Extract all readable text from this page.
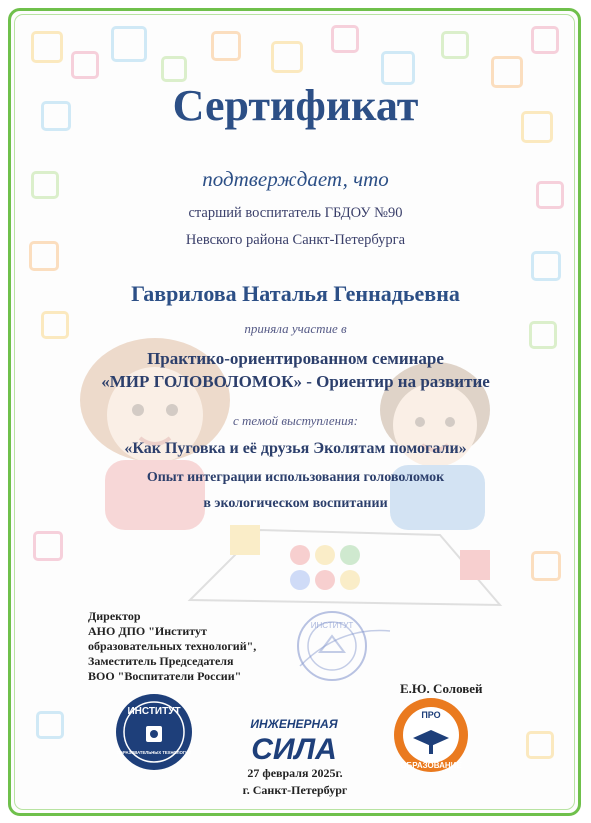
Сертификат

подтверждает, что

старший воспитатель ГБДОУ №90

Невского района Санкт-Петербурга

Гаврилова Наталья Геннадьевна

приняла участие в

Практико-ориентированном семинаре

«МИР ГОЛОВОЛОМОК» - Ориентир на развитие

с темой выступления:

«Как Пуговка и её друзья Эколятам помогали»

Опыт интеграции использования головоломок

в экологическом воспитании

Директор
АНО ДПО "Институт
образовательных технологий",
Заместитель Председателя
ВОО "Воспитатели России"
ИНСТИТУТ
ИНСТИТУТ
ОБРАЗОВАТЕЛЬНЫХ ТЕХНОЛОГИЙ
ИНЖЕНЕРНАЯ
СИЛА
Е.Ю. Соловей
ПРО
ОБРАЗОВАНИЕ
27 февраля 2025г.
г. Санкт-Петербург
